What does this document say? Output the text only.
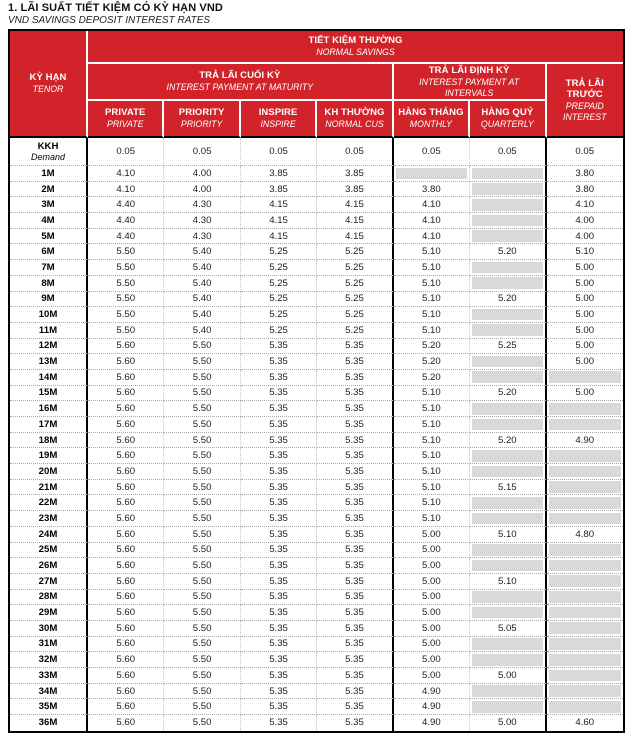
1. LÃI SUẤT TIẾT KIỆM CÓ KỲ HẠN VND
VND SAVINGS DEPOSIT INTEREST RATES
KỲ HẠN
TENOR

TIẾT KIỆM THƯỜNG
NORMAL SAVINGS

TRẢ LÃI CUỐI KỲ
INTEREST PAYMENT AT MATURITY

TRẢ LÃI ĐỊNH KỲ
INTEREST PAYMENT AT INTERVALS

TRẢ LÃI TRƯỚC
PREPAID INTEREST

PRIVATE
PRIVATE

PRIORITY
PRIORITY

INSPIRE
INSPIRE

KH THƯỜNG
NORMAL CUS

HÀNG THÁNG
MONTHLY

HÀNG QUÝ
QUARTERLY

KKH
Demand	0.05	0.05	0.05	0.05	0.05	0.05	0.05
1M	4.10	4.00	3.85	3.85			3.80
2M	4.10	4.00	3.85	3.85	3.80		3.80
3M	4.40	4.30	4.15	4.15	4.10		4.10
4M	4.40	4.30	4.15	4.15	4.10		4.00
5M	4.40	4.30	4.15	4.15	4.10		4.00
6M	5.50	5.40	5.25	5.25	5.10	5.20	5.10
7M	5.50	5.40	5.25	5.25	5.10		5.00
8M	5.50	5.40	5.25	5.25	5.10		5.00
9M	5.50	5.40	5.25	5.25	5.10	5.20	5.00
10M	5.50	5.40	5.25	5.25	5.10		5.00
11M	5.50	5.40	5.25	5.25	5.10		5.00
12M	5.60	5.50	5.35	5.35	5.20	5.25	5.00
13M	5.60	5.50	5.35	5.35	5.20		5.00
14M	5.60	5.50	5.35	5.35	5.20		
15M	5.60	5.50	5.35	5.35	5.10	5.20	5.00
16M	5.60	5.50	5.35	5.35	5.10		
17M	5.60	5.50	5.35	5.35	5.10		
18M	5.60	5.50	5.35	5.35	5.10	5.20	4.90
19M	5.60	5.50	5.35	5.35	5.10		
20M	5.60	5.50	5.35	5.35	5.10		
21M	5.60	5.50	5.35	5.35	5.10	5.15	
22M	5.60	5.50	5.35	5.35	5.10		
23M	5.60	5.50	5.35	5.35	5.10		
24M	5.60	5.50	5.35	5.35	5.00	5.10	4.80
25M	5.60	5.50	5.35	5.35	5.00		
26M	5.60	5.50	5.35	5.35	5.00		
27M	5.60	5.50	5.35	5.35	5.00	5.10	
28M	5.60	5.50	5.35	5.35	5.00		
29M	5.60	5.50	5.35	5.35	5.00		
30M	5.60	5.50	5.35	5.35	5.00	5.05	
31M	5.60	5.50	5.35	5.35	5.00		
32M	5.60	5.50	5.35	5.35	5.00		
33M	5.60	5.50	5.35	5.35	5.00	5.00	
34M	5.60	5.50	5.35	5.35	4.90		
35M	5.60	5.50	5.35	5.35	4.90		
36M	5.60	5.50	5.35	5.35	4.90	5.00	4.60
